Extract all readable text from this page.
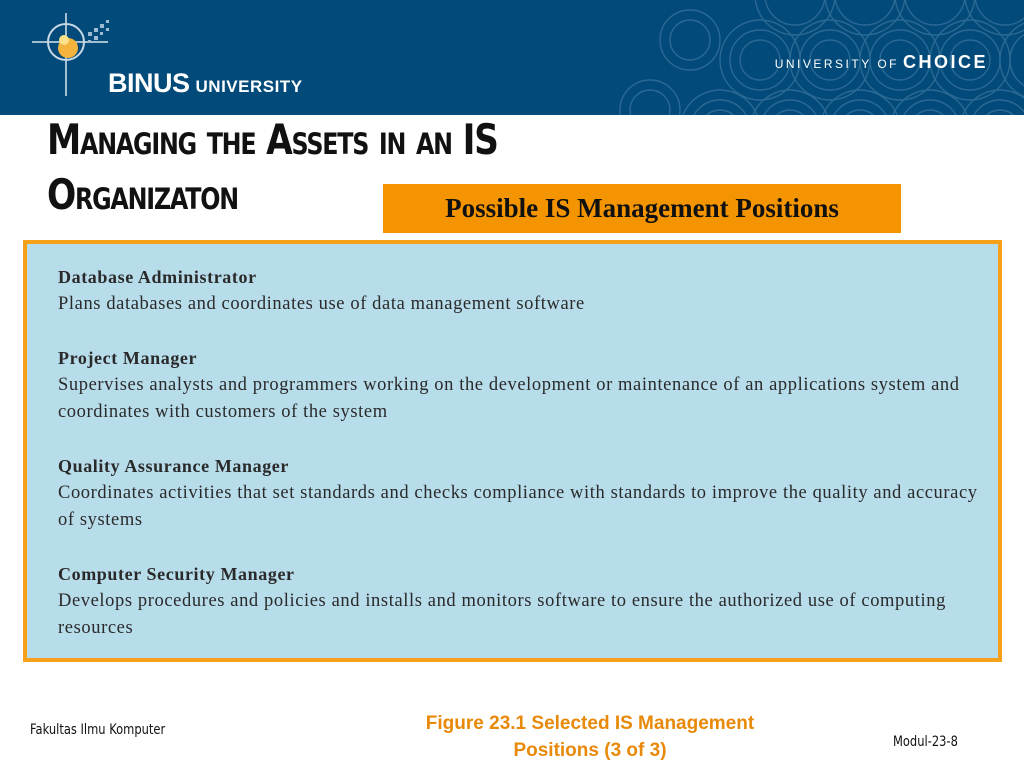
BINUS UNIVERSITY
UNIVERSITY OF CHOICE
Managing the Assets in an IS
Organizaton	Possible IS Management Positions
Database Administrator
Plans databases and coordinates use of data management software
Project Manager
Supervises analysts and programmers working on the development or maintenance of an applications system and coordinates with customers of the system
Quality Assurance Manager
Coordinates activities that set standards and checks compliance with standards to improve the quality and accuracy of systems
Computer Security Manager
Develops procedures and policies and installs and monitors software to ensure the authorized use of computing resources
Fakultas Ilmu Komputer	Figure 23.1 Selected IS Management
Positions (3 of 3)	Modul-23-8
